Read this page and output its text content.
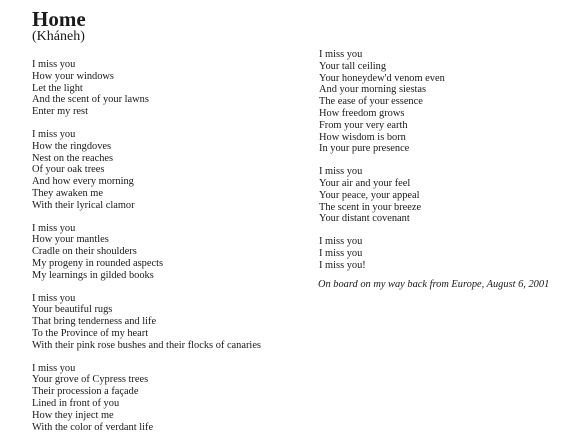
Home
(Kháneh)
I miss you
How your windows
Let the light
And the scent of your lawns
Enter my rest
I miss you
How the ringdoves
Nest on the reaches
Of your oak trees
And how every morning
They awaken me
With their lyrical clamor
I miss you
How your mantles
Cradle on their shoulders
My progeny in rounded aspects
My learnings in gilded books
I miss you
Your beautiful rugs
That bring tenderness and life
To the Province of my heart
With their pink rose bushes and their flocks of canaries
I miss you
Your grove of Cypress trees
Their procession a façade
Lined in front of you
How they inject me
With the color of verdant life
I miss you
Your tall ceiling
Your honeydew'd venom even
And your morning siestas
The ease of your essence
How freedom grows
From your very earth
How wisdom is born
In your pure presence
I miss you
Your air and your feel
Your peace, your appeal
The scent in your breeze
Your distant covenant
I miss you
I miss you
I miss you!

On board on my way back from Europe, August 6, 2001
